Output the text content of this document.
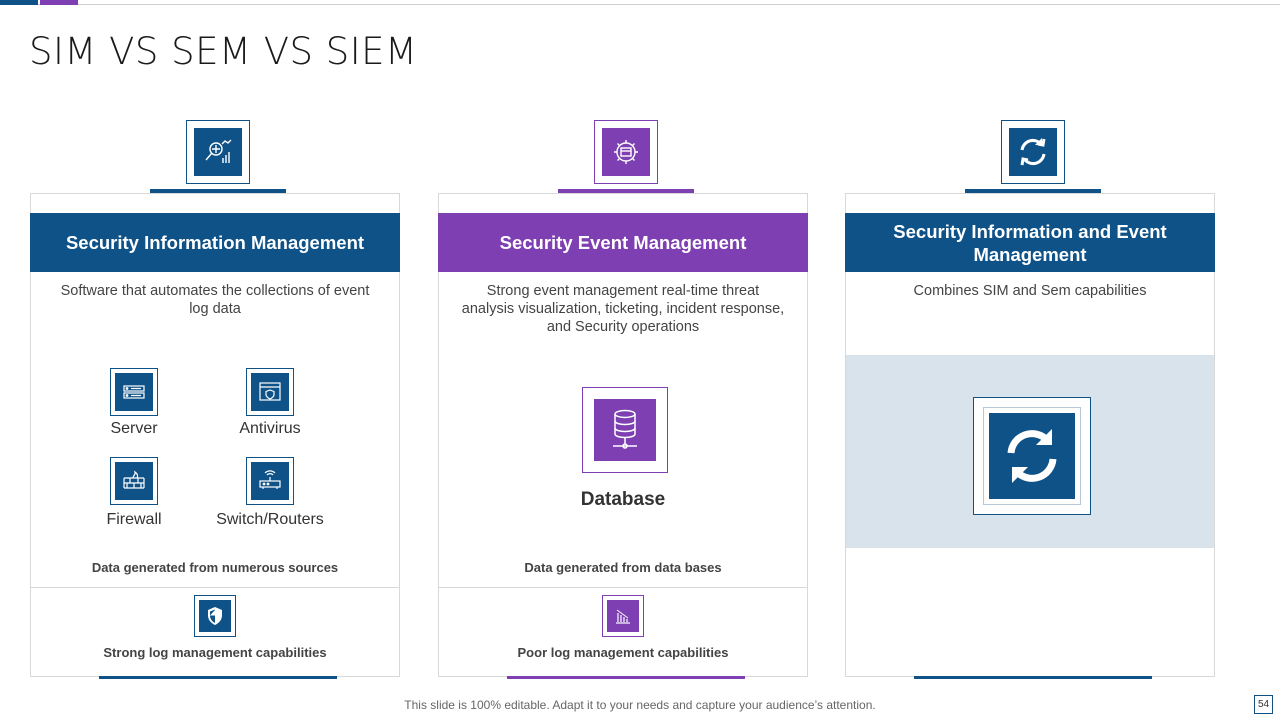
SIM VS SEM VS SIEM
Security Information Management
Software that automates the collections of event log data
Server	Antivirus
Firewall	Switch/Routers
Data generated from numerous sources
Strong log management capabilities
Security Event Management
Strong event management real-time threat analysis visualization, ticketing, incident response, and Security operations
Database
Data generated from data bases
Poor log management capabilities
Security Information and Event Management
Combines SIM and Sem capabilities
This slide is 100% editable. Adapt it to your needs and capture your audience’s attention.	54
